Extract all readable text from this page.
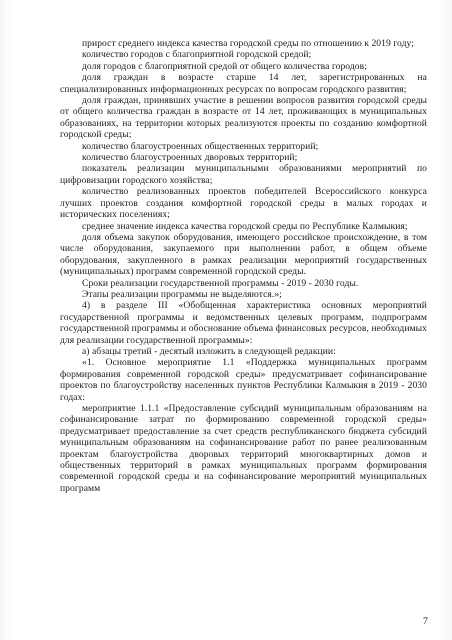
прирост среднего индекса качества городской среды по отношению к 2019 году;

количество городов с благоприятной городской средой;

доля городов с благоприятной средой от общего количества городов;

доля граждан в возрасте старше 14 лет, зарегистрированных на специализированных информационных ресурсах по вопросам городского развития;

доля граждан, принявших участие в решении вопросов развития городской среды от общего количества граждан в возрасте от 14 лет, проживающих в муниципальных образованиях, на территории которых реализуются проекты по созданию комфортной городской среды;

количество благоустроенных общественных территорий;

количество благоустроенных дворовых территорий;

показатель реализации муниципальными образованиями мероприятий по цифровизации городского хозяйства;

количество реализованных проектов победителей Всероссийского конкурса лучших проектов создания комфортной городской среды в малых городах и исторических поселениях;

среднее значение индекса качества городской среды по Республике Калмыкия;

доля объема закупок оборудования, имеющего российское происхождение, в том числе оборудования, закупаемого при выполнении работ, в общем объеме оборудования, закупленного в рамках реализации мероприятий государственных (муниципальных) программ современной городской среды.

Сроки реализации государственной программы - 2019 - 2030 годы.

Этапы реализации программы не выделяются.»;

4) в разделе III «Обобщенная характеристика основных мероприятий государственной программы и ведомственных целевых программ, подпрограмм государственной программы и обоснование объема финансовых ресурсов, необходимых для реализации государственной программы»:

а) абзацы третий - десятый изложить в следующей редакции:

«1. Основное мероприятие 1.1 «Поддержка муниципальных программ формирования современной городской среды» предусматривает софинансирование проектов по благоустройству населенных пунктов Республики Калмыкия в 2019 - 2030 годах:

мероприятие 1.1.1 «Предоставление субсидий муниципальным образованиям на софинансирование затрат по формированию современной городской среды» предусматривает предоставление за счет средств республиканского бюджета субсидий муниципальным образованиям на софинансирование работ по ранее реализованным проектам благоустройства дворовых территорий многоквартирных домов и общественных территорий в рамках муниципальных программ формирования современной городской среды и на софинансирование мероприятий муниципальных программ

7
